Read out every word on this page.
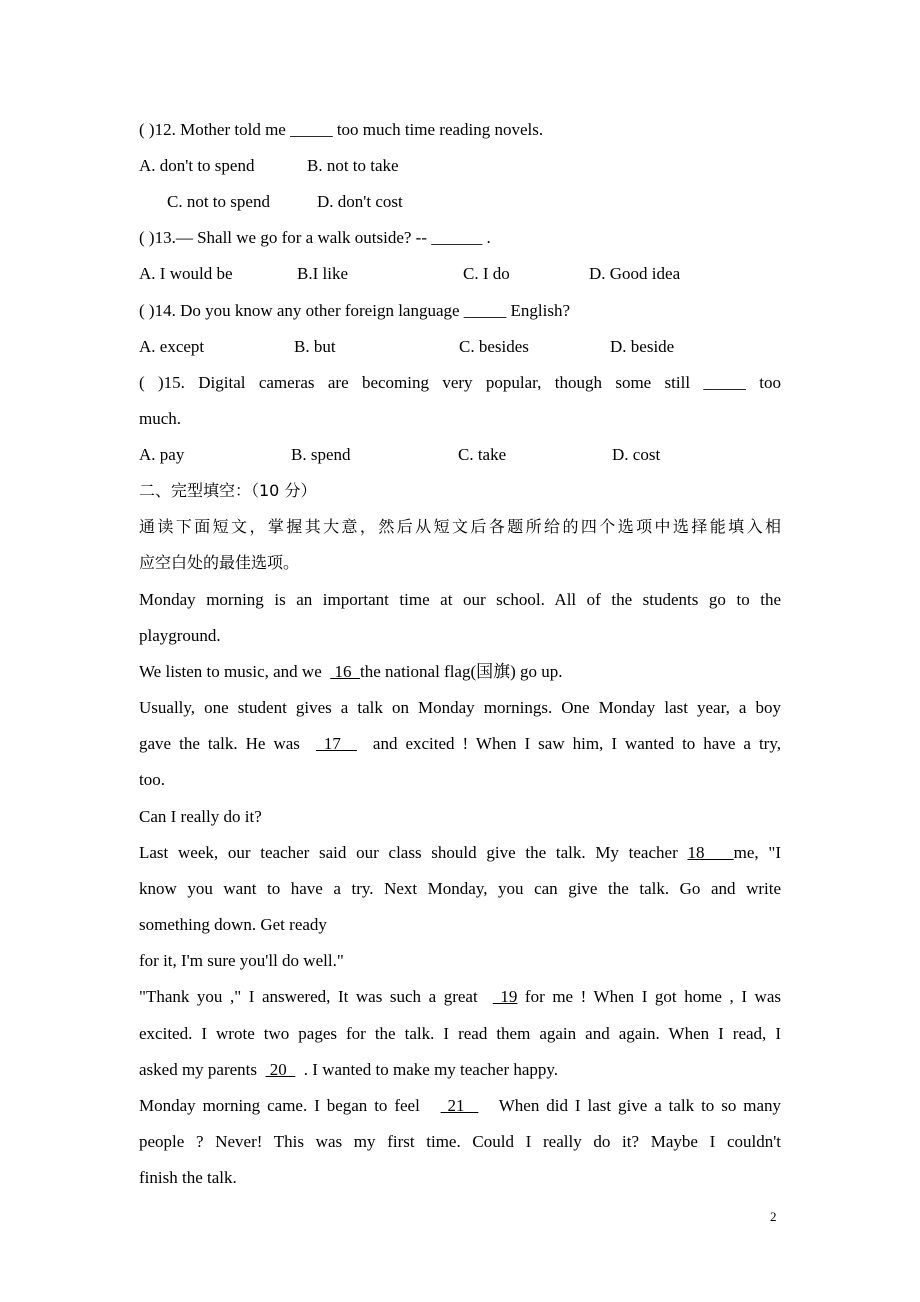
( )12. Mother told me _____ too much time reading novels.
A. don't to spend	B. not to take
C. not to spend	D. don't cost
( )13.— Shall we go for a walk outside? -- ______ .
A. I would be	B.I like	C. I do	D. Good idea
( )14. Do you know any other foreign language _____ English?
A. except	B. but	C. besides	D. beside
( )15. Digital cameras are becoming very popular, though some still _____ too
much.
A. pay	B. spend	C. take	D. cost
二、完型填空：（10 分）
通读下面短文，掌握其大意，然后从短文后各题所给的四个选项中选择能填入相
应空白处的最佳选项。
Monday morning is an important time at our school. All of the students go to the
playground.
We listen to music, and we   16  the national flag(国旗) go up.
Usually, one student gives a talk on Monday mornings. One Monday last year, a boy
gave the talk. He was   17    and excited ! When I saw him, I wanted to have a try,
too.
Can I really do it?
Last week, our teacher said our class should give the talk. My teacher 18   me, "I
know you want to have a try. Next Monday, you can give the talk. Go and write
something down. Get ready
for it, I'm sure you'll do well."
"Thank you ," I answered, It was such a great   19 for me ! When I got home , I was
excited. I wrote two pages for the talk. I read them again and again. When I read, I
asked my parents   20    . I wanted to make my teacher happy.
Monday morning came. I began to feel    21     When did I last give a talk to so many
people ? Never! This was my first time. Could I really do it? Maybe I couldn't
finish the talk.
2
